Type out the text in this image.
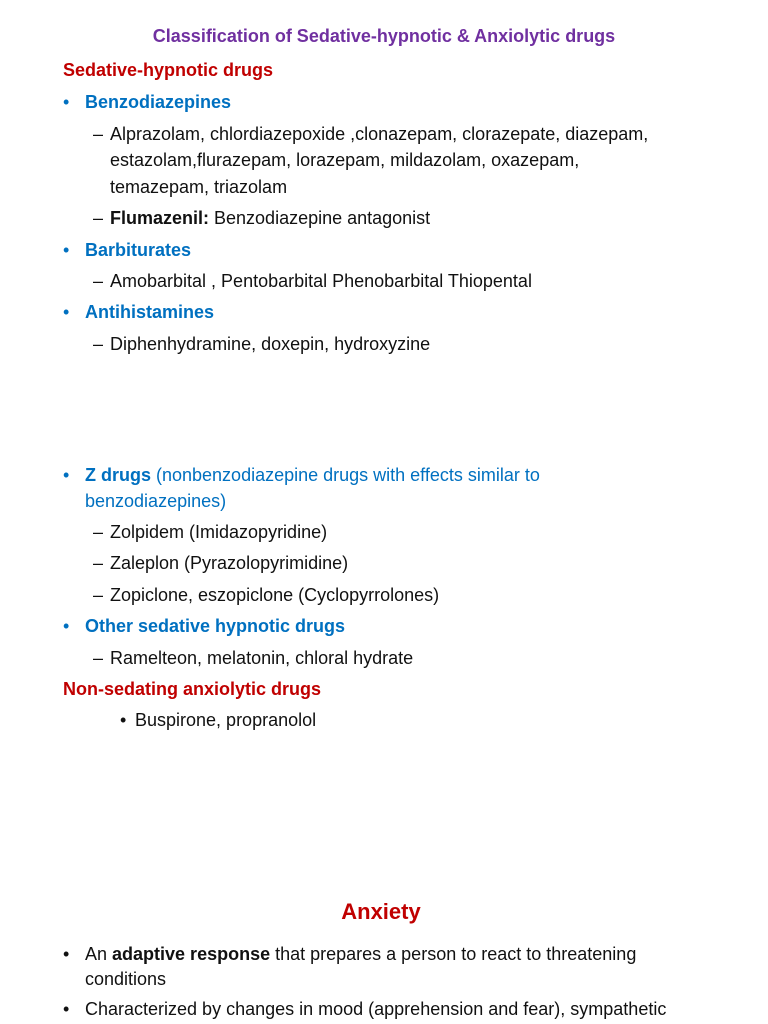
Classification of Sedative-hypnotic & Anxiolytic drugs
Sedative-hypnotic drugs
• Benzodiazepines
– Alprazolam, chlordiazepoxide ,clonazepam, clorazepate, diazepam,
estazolam,flurazepam, lorazepam, mildazolam, oxazepam,
temazepam, triazolam
– Flumazenil: Benzodiazepine antagonist
• Barbiturates
– Amobarbital , Pentobarbital Phenobarbital Thiopental
• Antihistamines
– Diphenhydramine, doxepin, hydroxyzine
• Z drugs (nonbenzodiazepine drugs with effects similar to
benzodiazepines)
– Zolpidem (Imidazopyridine)
– Zaleplon (Pyrazolopyrimidine)
– Zopiclone, eszopiclone (Cyclopyrrolones)
• Other sedative hypnotic drugs
– Ramelteon, melatonin, chloral hydrate
Non-sedating anxiolytic drugs
• Buspirone, propranolol
Anxiety
• An adaptive response that prepares a person to react to threatening
conditions
• Characterized by changes in mood (apprehension and fear), sympathetic
